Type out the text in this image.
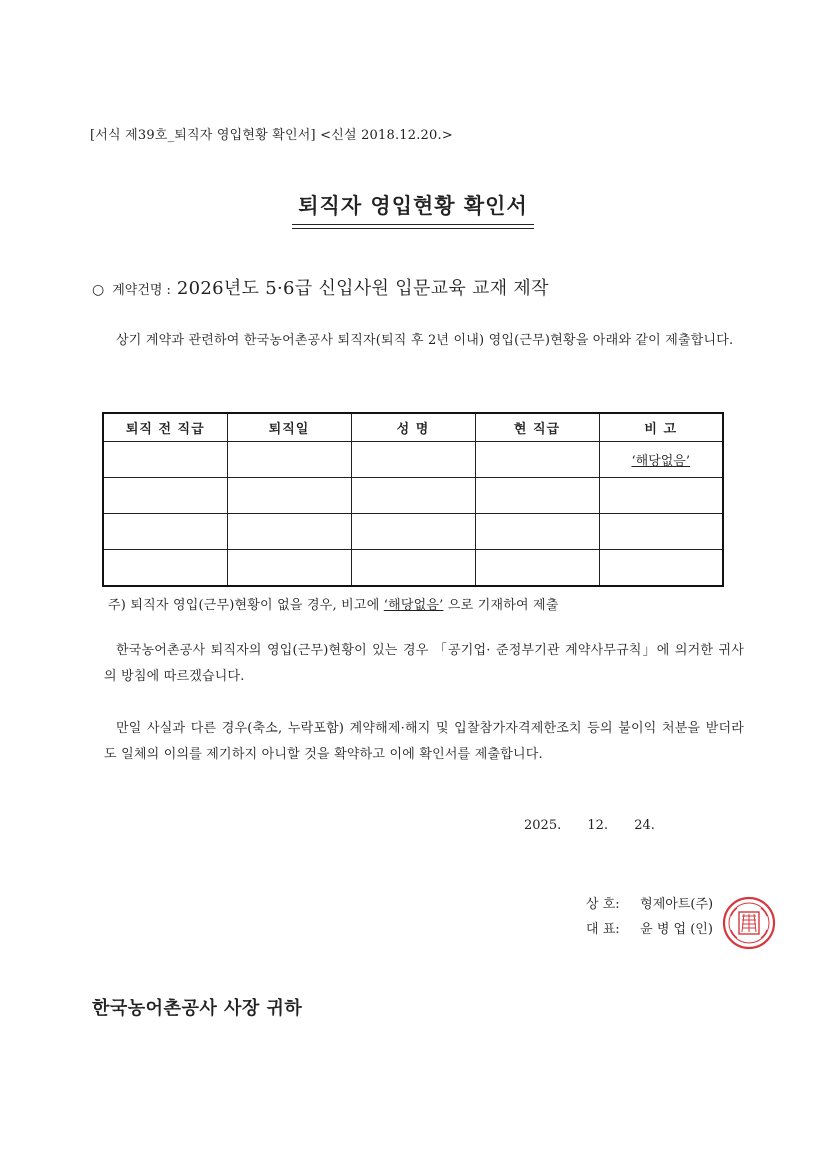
[서식 제39호_퇴직자 영입현황 확인서] <신설 2018.12.20.>
퇴직자 영입현황 확인서
○ 계약건명 : 2026년도 5·6급 신입사원 입문교육 교재 제작
상기 계약과 관련하여 한국농어촌공사 퇴직자(퇴직 후 2년 이내) 영입(근무)현황을 아래와 같이 제출합니다.
퇴직 전 직급	퇴직일	성 명	현 직급	비 고
				‘해당없음’

주) 퇴직자 영입(근무)현황이 없을 경우, 비고에 ‘해당없음’ 으로 기재하여 제출
한국농어촌공사 퇴직자의 영입(근무)현황이 있는 경우 「공기업· 준정부기관 계약사무규칙」에 의거한 귀사의 방침에 따르겠습니다.
만일 사실과 다른 경우(축소, 누락포함) 계약해제·해지 및 입찰참가자격제한조치 등의 불이익 처분을 받더라도 일체의 이의를 제기하지 아니할 것을 확약하고 이에 확인서를 제출합니다.
2025. 12. 24.
상 호: 형제아트(주)
대 표: 윤 병 업 (인)
한국농어촌공사 사장 귀하
